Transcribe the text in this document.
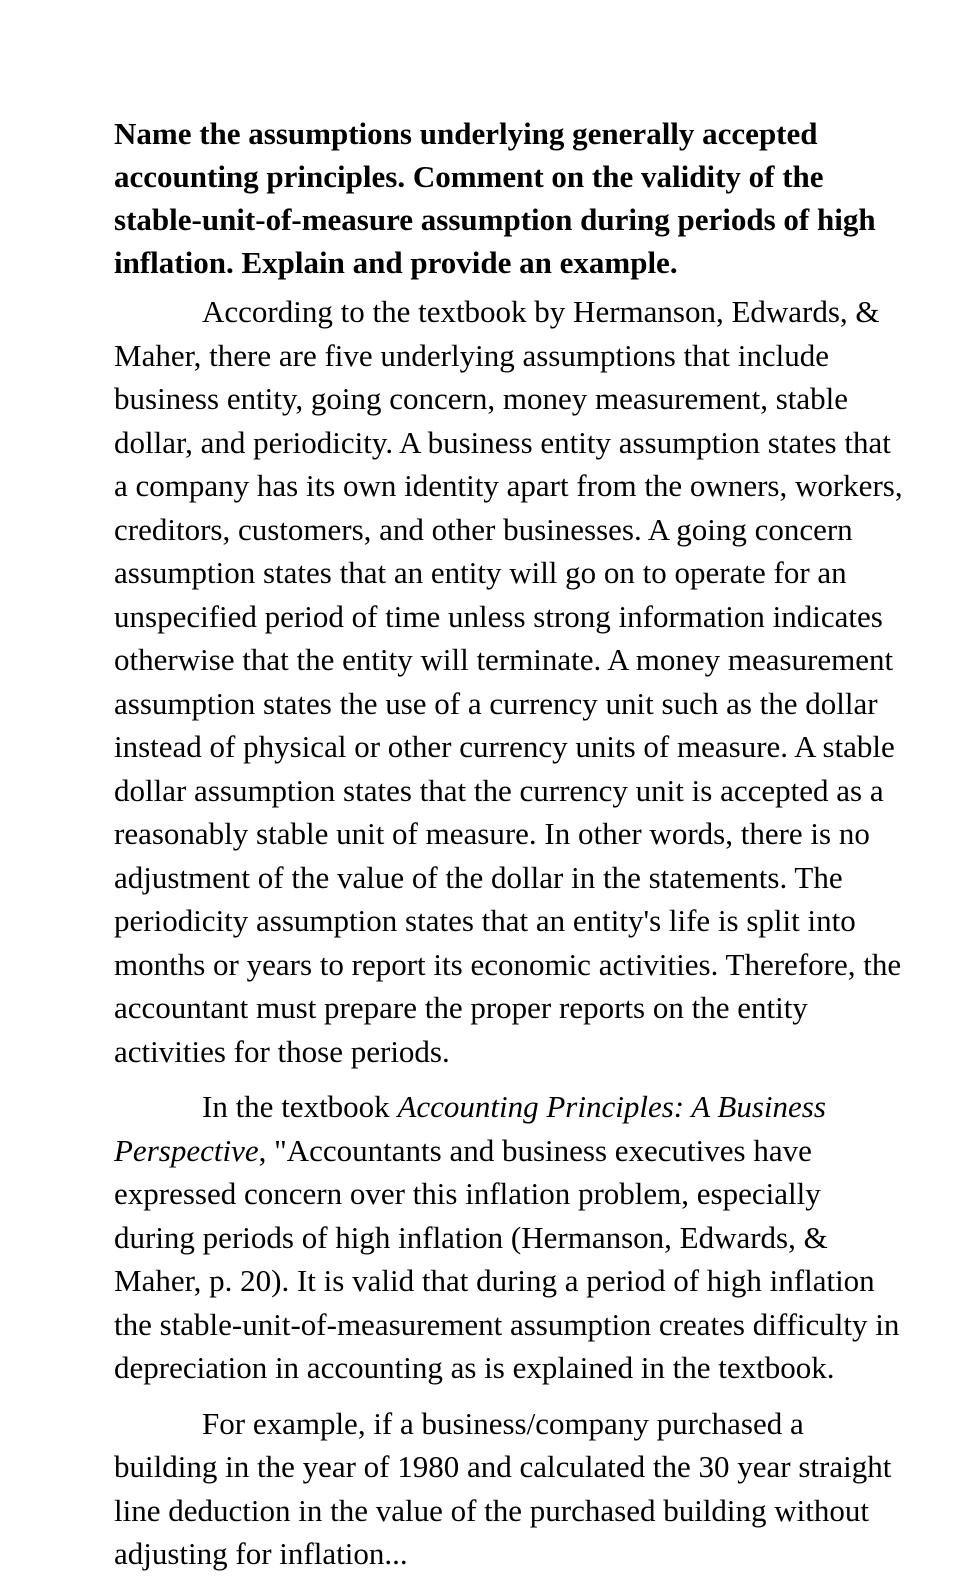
Name the assumptions underlying generally accepted accounting principles. Comment on the validity of the stable-unit-of-measure assumption during periods of high inflation. Explain and provide an example.

According to the textbook by Hermanson, Edwards, & Maher, there are five underlying assumptions that include business entity, going concern, money measurement, stable dollar, and periodicity. A business entity assumption states that a company has its own identity apart from the owners, workers, creditors, customers, and other businesses. A going concern assumption states that an entity will go on to operate for an unspecified period of time unless strong information indicates otherwise that the entity will terminate. A money measurement assumption states the use of a currency unit such as the dollar instead of physical or other currency units of measure. A stable dollar assumption states that the currency unit is accepted as a reasonably stable unit of measure. In other words, there is no adjustment of the value of the dollar in the statements. The periodicity assumption states that an entity's life is split into months or years to report its economic activities. Therefore, the accountant must prepare the proper reports on the entity activities for those periods.

In the textbook Accounting Principles: A Business Perspective, "Accountants and business executives have expressed concern over this inflation problem, especially during periods of high inflation (Hermanson, Edwards, & Maher, p. 20). It is valid that during a period of high inflation the stable-unit-of-measurement assumption creates difficulty in depreciation in accounting as is explained in the textbook.

For example, if a business/company purchased a building in the year of 1980 and calculated the 30 year straight line deduction in the value of the purchased building without adjusting for inflation...
